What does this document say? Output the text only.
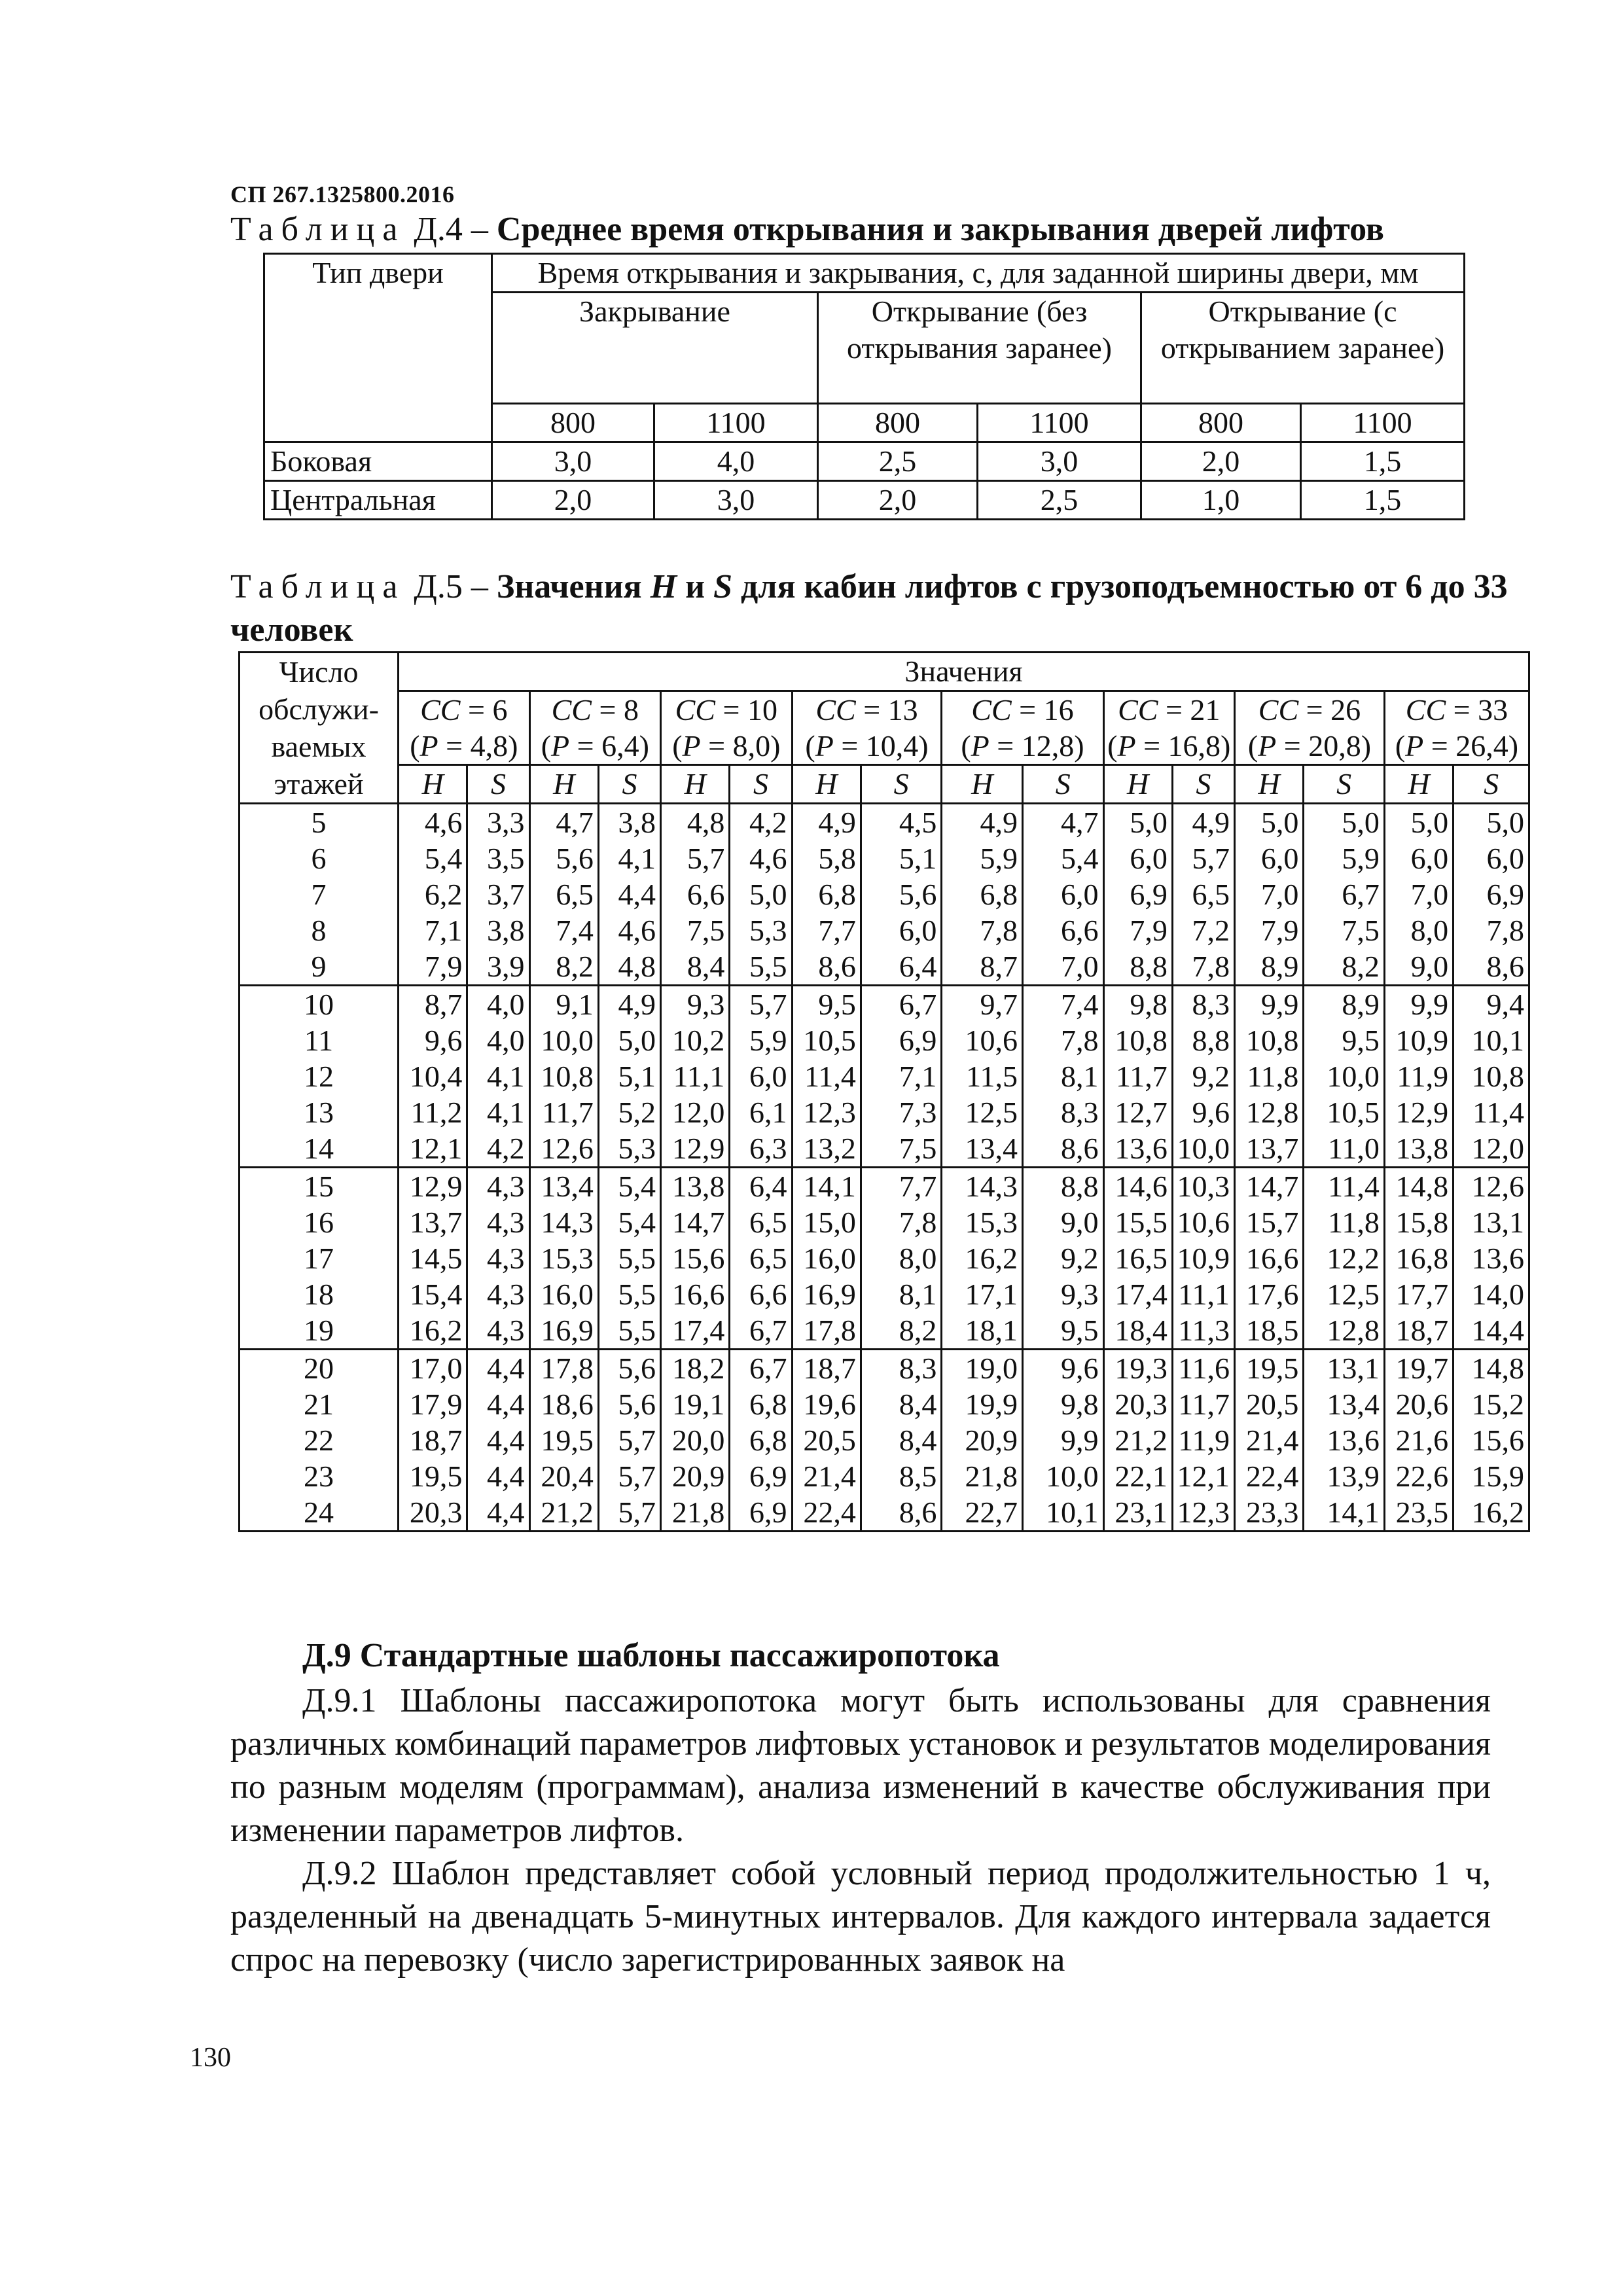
СП 267.1325800.2016
Таблица Д.4 – Среднее время открывания и закрывания дверей лифтов
Тип двери	Время открывания и закрывания, с, для заданной ширины двери, мм					
	Закрывание		Открывание (без открывания заранее)		Открывание (с открыванием заранее)	
	800	1100	800	1100	800	1100
Боковая	3,0	4,0	2,5	3,0	2,0	1,5
Центральная	2,0	3,0	2,0	2,5	1,0	1,5
Таблица Д.5 – Значения H и S для кабин лифтов с грузоподъемностью от 6 до 33 человек
Число обслужи-ваемых этажей	Значения															
	CC = 6		CC = 8		CC = 10		CC = 13		CC = 16		CC = 21		CC = 26		CC = 33	
	(P = 4,8)		(P = 6,4)		(P = 8,0)		(P = 10,4)		(P = 12,8)		(P = 16,8)		(P = 20,8)		(P = 26,4)	
	H	S	H	S	H	S	H	S	H	S	H	S	H	S	H	S
5	4,6	3,3	4,7	3,8	4,8	4,2	4,9	4,5	4,9	4,7	5,0	4,9	5,0	5,0	5,0	5,0
6	5,4	3,5	5,6	4,1	5,7	4,6	5,8	5,1	5,9	5,4	6,0	5,7	6,0	5,9	6,0	6,0
7	6,2	3,7	6,5	4,4	6,6	5,0	6,8	5,6	6,8	6,0	6,9	6,5	7,0	6,7	7,0	6,9
8	7,1	3,8	7,4	4,6	7,5	5,3	7,7	6,0	7,8	6,6	7,9	7,2	7,9	7,5	8,0	7,8
9	7,9	3,9	8,2	4,8	8,4	5,5	8,6	6,4	8,7	7,0	8,8	7,8	8,9	8,2	9,0	8,6
10	8,7	4,0	9,1	4,9	9,3	5,7	9,5	6,7	9,7	7,4	9,8	8,3	9,9	8,9	9,9	9,4
11	9,6	4,0	10,0	5,0	10,2	5,9	10,5	6,9	10,6	7,8	10,8	8,8	10,8	9,5	10,9	10,1
12	10,4	4,1	10,8	5,1	11,1	6,0	11,4	7,1	11,5	8,1	11,7	9,2	11,8	10,0	11,9	10,8
13	11,2	4,1	11,7	5,2	12,0	6,1	12,3	7,3	12,5	8,3	12,7	9,6	12,8	10,5	12,9	11,4
14	12,1	4,2	12,6	5,3	12,9	6,3	13,2	7,5	13,4	8,6	13,6	10,0	13,7	11,0	13,8	12,0
15	12,9	4,3	13,4	5,4	13,8	6,4	14,1	7,7	14,3	8,8	14,6	10,3	14,7	11,4	14,8	12,6
16	13,7	4,3	14,3	5,4	14,7	6,5	15,0	7,8	15,3	9,0	15,5	10,6	15,7	11,8	15,8	13,1
17	14,5	4,3	15,3	5,5	15,6	6,5	16,0	8,0	16,2	9,2	16,5	10,9	16,6	12,2	16,8	13,6
18	15,4	4,3	16,0	5,5	16,6	6,6	16,9	8,1	17,1	9,3	17,4	11,1	17,6	12,5	17,7	14,0
19	16,2	4,3	16,9	5,5	17,4	6,7	17,8	8,2	18,1	9,5	18,4	11,3	18,5	12,8	18,7	14,4
20	17,0	4,4	17,8	5,6	18,2	6,7	18,7	8,3	19,0	9,6	19,3	11,6	19,5	13,1	19,7	14,8
21	17,9	4,4	18,6	5,6	19,1	6,8	19,6	8,4	19,9	9,8	20,3	11,7	20,5	13,4	20,6	15,2
22	18,7	4,4	19,5	5,7	20,0	6,8	20,5	8,4	20,9	9,9	21,2	11,9	21,4	13,6	21,6	15,6
23	19,5	4,4	20,4	5,7	20,9	6,9	21,4	8,5	21,8	10,0	22,1	12,1	22,4	13,9	22,6	15,9
24	20,3	4,4	21,2	5,7	21,8	6,9	22,4	8,6	22,7	10,1	23,1	12,3	23,3	14,1	23,5	16,2
Д.9 Стандартные шаблоны пассажиропотока
Д.9.1 Шаблоны пассажиропотока могут быть использованы для сравнения различных комбинаций параметров лифтовых установок и результатов моделирования по разным моделям (программам), анализа изменений в качестве обслуживания при изменении параметров лифтов.
Д.9.2 Шаблон представляет собой условный период продолжительностью 1 ч, разделенный на двенадцать 5-минутных интервалов. Для каждого интервала задается спрос на перевозку (число зарегистрированных заявок на
130
